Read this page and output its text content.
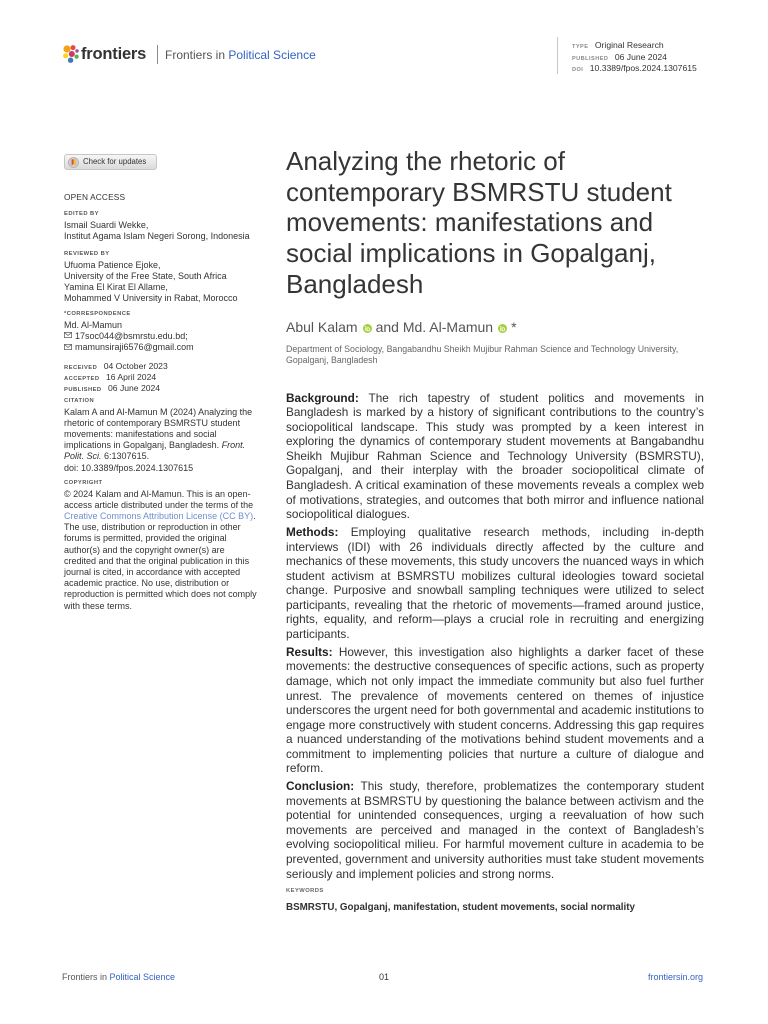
frontiers Frontiers in Political Science
TYPE Original Research
PUBLISHED 06 June 2024
DOI 10.3389/fpos.2024.1307615
Check for updates
OPEN ACCESS
EDITED BY
Ismail Suardi Wekke,
Institut Agama Islam Negeri Sorong, Indonesia
REVIEWED BY
Ufuoma Patience Ejoke,
University of the Free State, South Africa
Yamina El Kirat El Allame,
Mohammed V University in Rabat, Morocco
*CORRESPONDENCE
Md. Al-Mamun
17soc044@bsmrstu.edu.bd;
mamunsiraji6576@gmail.com
RECEIVED 04 October 2023
ACCEPTED 16 April 2024
PUBLISHED 06 June 2024
CITATION
Kalam A and Al-Mamun M (2024) Analyzing the rhetoric of contemporary BSMRSTU student movements: manifestations and social implications in Gopalganj, Bangladesh. Front. Polit. Sci. 6:1307615.
doi: 10.3389/fpos.2024.1307615
COPYRIGHT
© 2024 Kalam and Al-Mamun. This is an open-access article distributed under the terms of the Creative Commons Attribution License (CC BY). The use, distribution or reproduction in other forums is permitted, provided the original author(s) and the copyright owner(s) are credited and that the original publication in this journal is cited, in accordance with accepted academic practice. No use, distribution or reproduction is permitted which does not comply with these terms.
Analyzing the rhetoric of contemporary BSMRSTU student movements: manifestations and social implications in Gopalganj, Bangladesh
Abul Kalam and Md. Al-Mamun *
Department of Sociology, Bangabandhu Sheikh Mujibur Rahman Science and Technology University, Gopalganj, Bangladesh

Background: The rich tapestry of student politics and movements in Bangladesh is marked by a history of significant contributions to the country’s sociopolitical landscape. This study was prompted by a keen interest in exploring the dynamics of contemporary student movements at Bangabandhu Sheikh Mujibur Rahman Science and Technology University (BSMRSTU), Gopalganj, and their interplay with the broader sociopolitical climate of Bangladesh. A critical examination of these movements reveals a complex web of motivations, strategies, and outcomes that both mirror and influence national sociopolitical dialogues.

Methods: Employing qualitative research methods, including in-depth interviews (IDI) with 26 individuals directly affected by the culture and mechanics of these movements, this study uncovers the nuanced ways in which student activism at BSMRSTU mobilizes cultural ideologies toward societal change. Purposive and snowball sampling techniques were utilized to select participants, revealing that the rhetoric of movements—framed around justice, rights, equality, and reform—plays a crucial role in recruiting and energizing participants.

Results: However, this investigation also highlights a darker facet of these movements: the destructive consequences of specific actions, such as property damage, which not only impact the immediate community but also fuel further unrest. The prevalence of movements centered on themes of injustice underscores the urgent need for both governmental and academic institutions to engage more constructively with student concerns. Addressing this gap requires a nuanced understanding of the motivations behind student movements and a commitment to implementing policies that nurture a culture of dialogue and reform.

Conclusion: This study, therefore, problematizes the contemporary student movements at BSMRSTU by questioning the balance between activism and the potential for unintended consequences, urging a reevaluation of how such movements are perceived and managed in the context of Bangladesh’s evolving sociopolitical milieu. For harmful movement culture in academia to be prevented, government and university authorities must take student movements seriously and implement policies and strong norms.

KEYWORDS
BSMRSTU, Gopalganj, manifestation, student movements, social normality
Frontiers in Political Science	01	frontiersin.org
